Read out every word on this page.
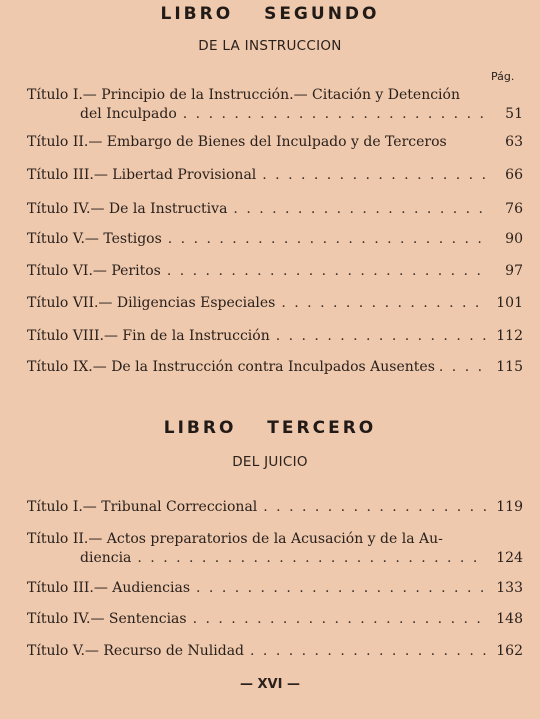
LIBRO SEGUNDO
DE LA INSTRUCCION
Pág.
Título I.— Principio de la Instrucción.— Citación y Detención
del Inculpado . . .	51
Título II.— Embargo de Bienes del Inculpado y de Terceros	63
Título III.— Libertad Provisional . . .	66
Título IV.— De la Instructiva . . .	76
Título V.— Testigos . . .	90
Título VI.— Peritos . . .	97
Título VII.— Diligencias Especiales . . .	101
Título VIII.— Fin de la Instrucción . . .	112
Título IX.— De la Instrucción contra Inculpados Ausentes . . .	115
LIBRO TERCERO
DEL JUICIO
Título I.— Tribunal Correccional . . .	119
Título II.— Actos preparatorios de la Acusación y de la Au-
diencia . . .	124
Título III.— Audiencias . . .	133
Título IV.— Sentencias . . .	148
Título V.— Recurso de Nulidad . . .	162
— XVI —
